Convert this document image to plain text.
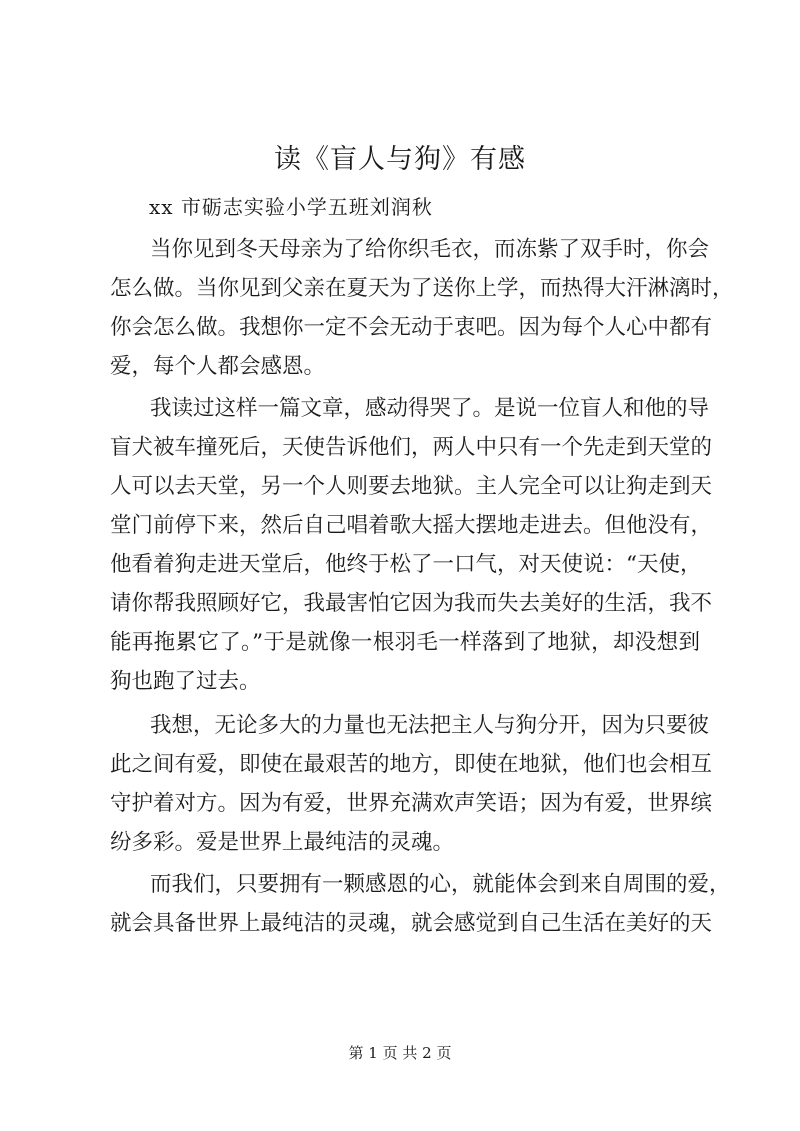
读《盲人与狗》有感
xx 市砺志实验小学五班刘润秋
当你见到冬天母亲为了给你织毛衣，而冻紫了双手时，你会
怎么做。当你见到父亲在夏天为了送你上学，而热得大汗淋漓时，
你会怎么做。我想你一定不会无动于衷吧。因为每个人心中都有
爱，每个人都会感恩。
我读过这样一篇文章，感动得哭了。是说一位盲人和他的导
盲犬被车撞死后，天使告诉他们，两人中只有一个先走到天堂的
人可以去天堂，另一个人则要去地狱。主人完全可以让狗走到天
堂门前停下来，然后自己唱着歌大摇大摆地走进去。但他没有，
他看着狗走进天堂后，他终于松了一口气，对天使说：“天使，
请你帮我照顾好它，我最害怕它因为我而失去美好的生活，我不
能再拖累它了。”于是就像一根羽毛一样落到了地狱，却没想到
狗也跑了过去。
我想，无论多大的力量也无法把主人与狗分开，因为只要彼
此之间有爱，即使在最艰苦的地方，即使在地狱，他们也会相互
守护着对方。因为有爱，世界充满欢声笑语；因为有爱，世界缤
纷多彩。爱是世界上最纯洁的灵魂。
而我们，只要拥有一颗感恩的心，就能体会到来自周围的爱，
就会具备世界上最纯洁的灵魂，就会感觉到自己生活在美好的天
第 1 页 共 2 页
